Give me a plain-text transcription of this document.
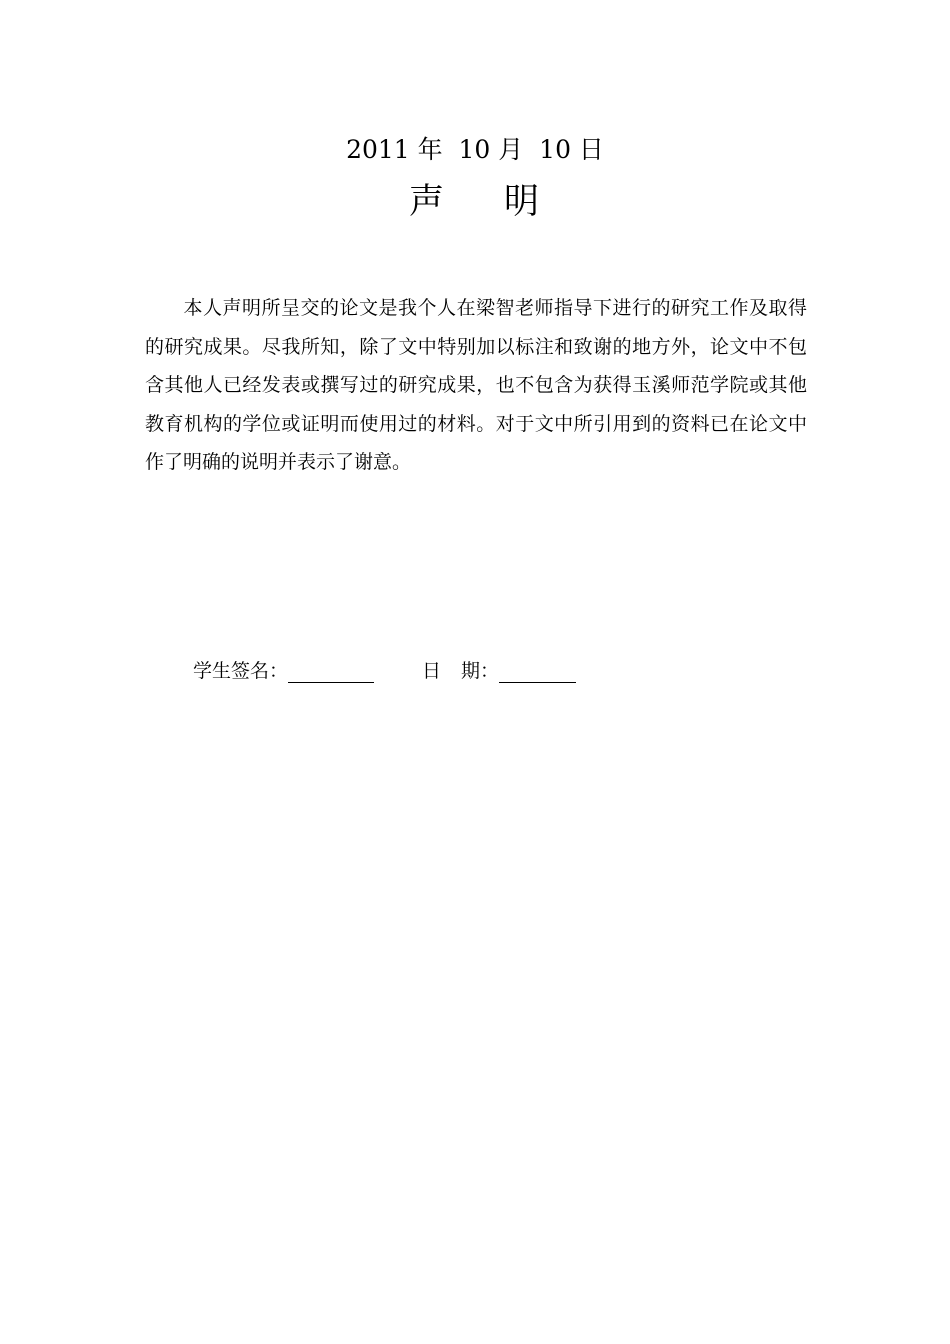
2011 年  10 月  10 日
声 明
本人声明所呈交的论文是我个人在梁智老师指导下进行的研究工作及取得的研究成果。尽我所知，除了文中特别加以标注和致谢的地方外，论文中不包含其他人已经发表或撰写过的研究成果，也不包含为获得玉溪师范学院或其他教育机构的学位或证明而使用过的材料。对于文中所引用到的资料已在论文中作了明确的说明并表示了谢意。
学生签名：	日 期：
